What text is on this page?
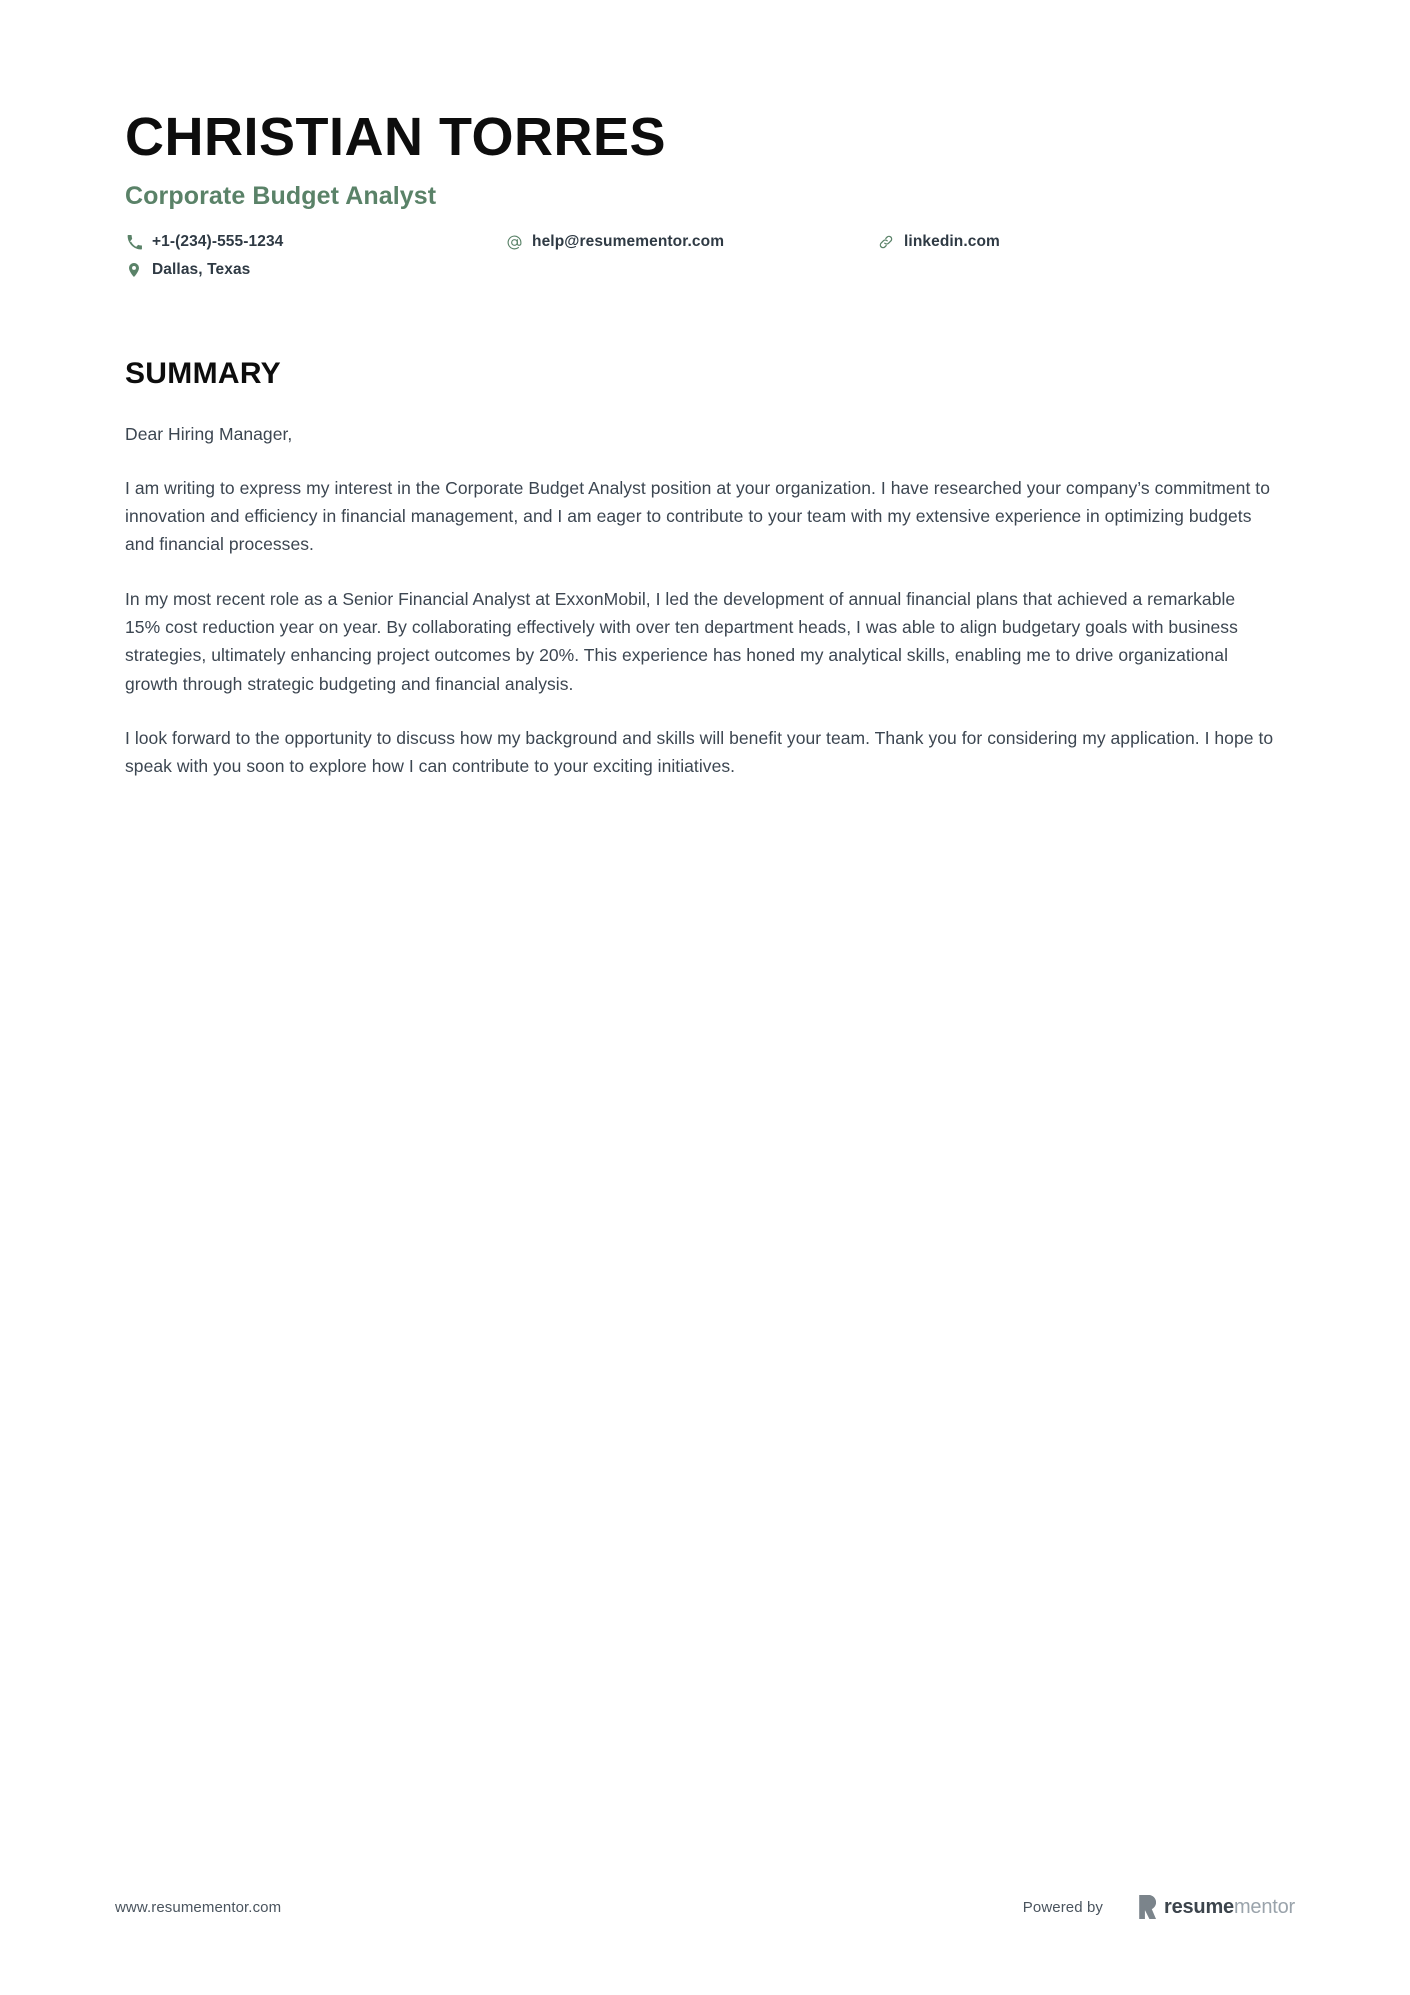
CHRISTIAN TORRES
Corporate Budget Analyst
+1-(234)-555-1234	help@resumementor.com	linkedin.com
Dallas, Texas
SUMMARY

Dear Hiring Manager,

I am writing to express my interest in the Corporate Budget Analyst position at your organization. I have researched your company’s commitment to innovation and efficiency in financial management, and I am eager to contribute to your team with my extensive experience in optimizing budgets and financial processes.

In my most recent role as a Senior Financial Analyst at ExxonMobil, I led the development of annual financial plans that achieved a remarkable 15% cost reduction year on year. By collaborating effectively with over ten department heads, I was able to align budgetary goals with business strategies, ultimately enhancing project outcomes by 20%. This experience has honed my analytical skills, enabling me to drive organizational growth through strategic budgeting and financial analysis.

I look forward to the opportunity to discuss how my background and skills will benefit your team. Thank you for considering my application. I hope to speak with you soon to explore how I can contribute to your exciting initiatives.

www.resumementor.com	Powered by	resumementor
